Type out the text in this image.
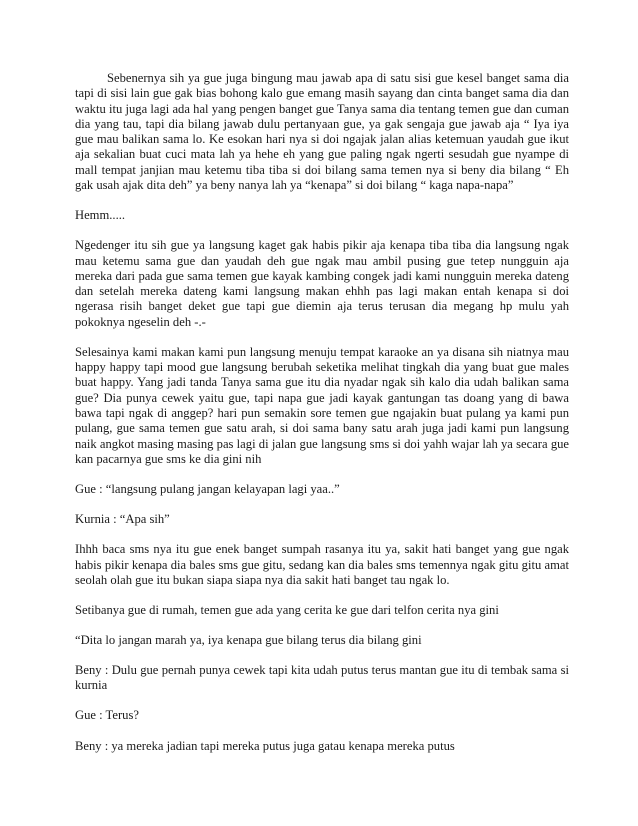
Sebenernya sih ya gue juga bingung mau jawab apa di satu sisi gue kesel banget sama dia tapi di sisi lain gue gak bias bohong kalo gue emang masih sayang dan cinta banget sama dia dan waktu itu juga lagi ada hal yang pengen banget gue Tanya sama dia tentang temen gue dan cuman dia yang tau, tapi dia bilang jawab dulu pertanyaan gue, ya gak sengaja gue jawab aja “ Iya iya gue mau balikan sama lo. Ke esokan hari nya si doi ngajak jalan alias ketemuan yaudah gue ikut aja sekalian buat cuci mata lah ya hehe eh yang gue paling ngak ngerti sesudah gue nyampe di mall tempat janjian mau ketemu tiba tiba si doi bilang sama temen nya si beny dia bilang “ Eh gak usah ajak dita deh” ya beny nanya lah ya “kenapa” si doi bilang “ kaga napa-napa”

Hemm.....

Ngedenger itu sih gue ya langsung kaget gak habis pikir aja kenapa tiba tiba dia langsung ngak mau ketemu sama gue dan yaudah deh gue ngak mau ambil pusing gue tetep nungguin aja mereka dari pada gue sama temen gue kayak kambing congek jadi kami nungguin mereka dateng dan setelah mereka dateng kami langsung makan ehhh pas lagi makan entah kenapa si doi ngerasa risih banget deket gue tapi gue diemin aja terus terusan dia megang hp mulu yah pokoknya ngeselin deh -.-

Selesainya kami makan kami pun langsung menuju tempat karaoke an ya disana sih niatnya mau happy happy tapi mood gue langsung berubah seketika melihat tingkah dia yang buat gue males buat happy. Yang jadi tanda Tanya sama gue itu dia nyadar ngak sih kalo dia udah balikan sama gue? Dia punya cewek yaitu gue, tapi napa gue jadi kayak gantungan tas doang yang di bawa bawa tapi ngak di anggep? hari pun semakin sore temen gue ngajakin buat pulang ya kami pun pulang, gue sama temen gue satu arah, si doi sama bany satu arah juga jadi kami pun langsung naik angkot masing masing pas lagi di jalan gue langsung sms si doi yahh wajar lah ya secara gue kan pacarnya gue sms ke dia gini nih

Gue : “langsung pulang jangan kelayapan lagi yaa..”

Kurnia : “Apa sih”

Ihhh baca sms nya itu gue enek banget sumpah rasanya itu ya, sakit hati banget yang gue ngak habis pikir kenapa dia bales sms gue gitu, sedang kan dia bales sms temennya ngak gitu gitu amat seolah olah gue itu bukan siapa siapa nya dia sakit hati banget tau ngak lo.

Setibanya gue di rumah, temen gue ada yang cerita ke gue dari telfon cerita nya gini

“Dita lo jangan marah ya, iya kenapa gue bilang terus dia bilang gini

Beny : Dulu gue pernah punya cewek tapi kita udah putus terus mantan gue itu di tembak sama si kurnia

Gue : Terus?

Beny : ya mereka jadian tapi mereka putus juga gatau kenapa mereka putus
